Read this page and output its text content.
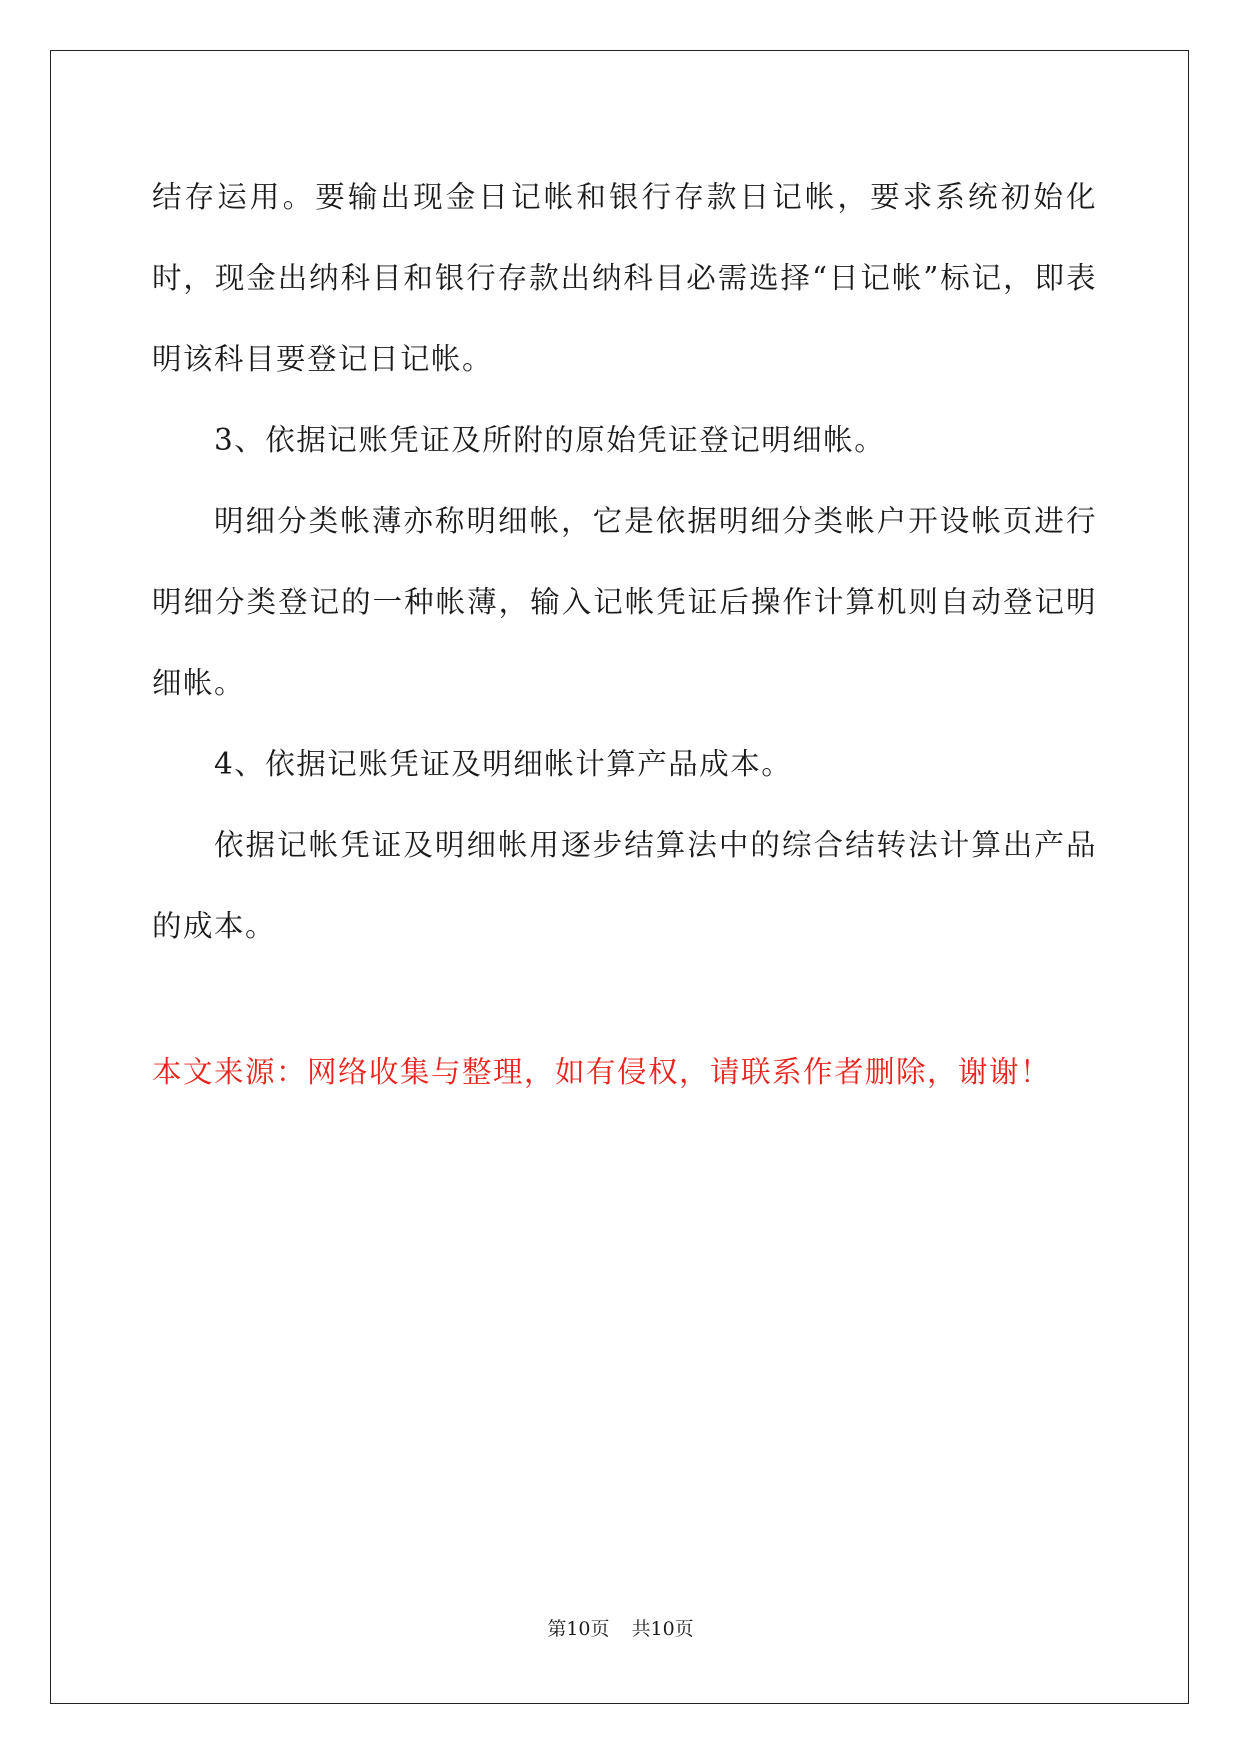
结存运用。要输出现金日记帐和银行存款日记帐，要求系统初始化时，现金出纳科目和银行存款出纳科目必需选择“日记帐”标记，即表明该科目要登记日记帐。

3、依据记账凭证及所附的原始凭证登记明细帐。

明细分类帐薄亦称明细帐，它是依据明细分类帐户开设帐页进行明细分类登记的一种帐薄，输入记帐凭证后操作计算机则自动登记明细帐。

4、依据记账凭证及明细帐计算产品成本。

依据记帐凭证及明细帐用逐步结算法中的综合结转法计算出产品的成本。

本文来源：网络收集与整理，如有侵权，请联系作者删除，谢谢！

第10页 共10页
